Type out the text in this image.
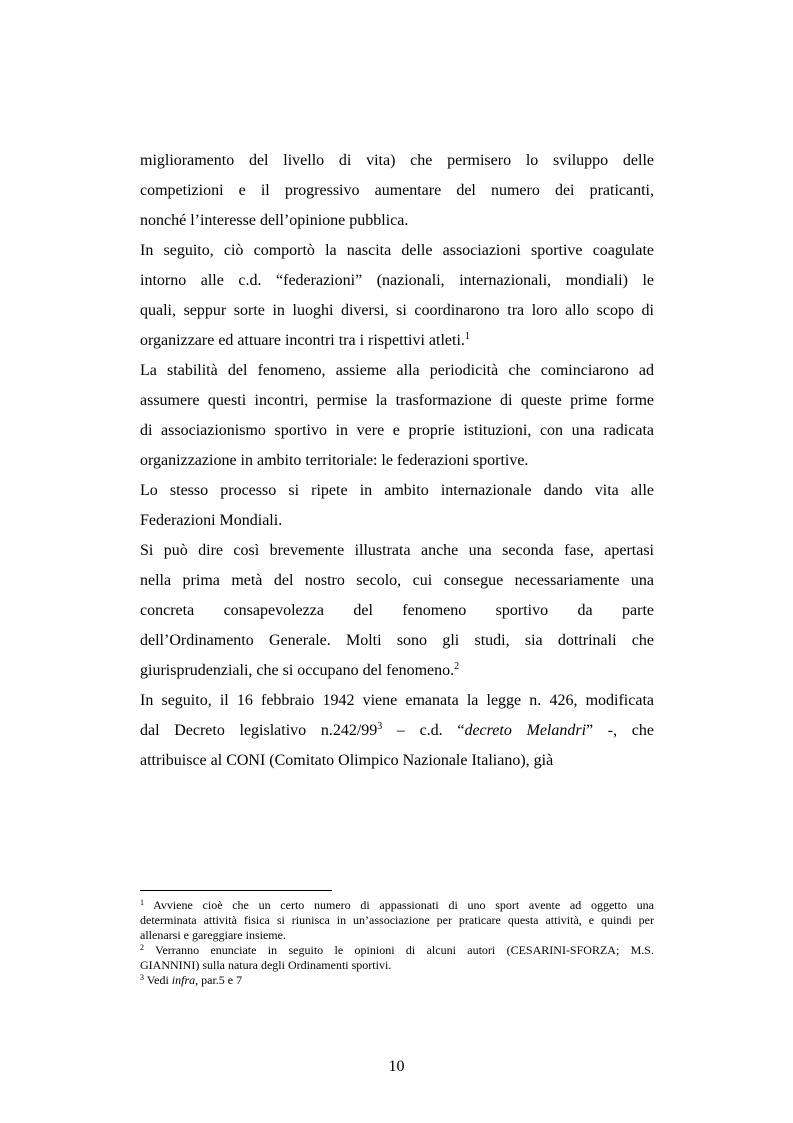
miglioramento del livello di vita) che permisero lo sviluppo delle
competizioni e il progressivo aumentare del numero dei praticanti,
nonché l’interesse dell’opinione pubblica.
In seguito, ciò comportò la nascita delle associazioni sportive coagulate
intorno alle c.d. “federazioni” (nazionali, internazionali, mondiali) le
quali, seppur sorte in luoghi diversi, si coordinarono tra loro allo scopo di
organizzare ed attuare incontri tra i rispettivi atleti.$^1$
La stabilità del fenomeno, assieme alla periodicità che cominciarono ad
assumere questi incontri, permise la trasformazione di queste prime forme
di associazionismo sportivo in vere e proprie istituzioni, con una radicata
organizzazione in ambito territoriale: le federazioni sportive.
Lo stesso processo si ripete in ambito internazionale dando vita alle
Federazioni Mondiali.
Si può dire così brevemente illustrata anche una seconda fase, apertasi
nella prima metà del nostro secolo, cui consegue necessariamente una
concreta consapevolezza del fenomeno sportivo da parte
dell’Ordinamento Generale. Molti sono gli studi, sia dottrinali che
giurisprudenziali, che si occupano del fenomeno.$^2$
In seguito, il 16 febbraio 1942 viene emanata la legge n. 426, modificata
dal Decreto legislativo $n.242/99^3 - c.d$. “decreto Melandri” -, che
attribuisce al CONI (Comitato Olimpico Nazionale Italiano), già
$^1$ Avviene cioè che un certo numero di appassionati di uno sport avente ad oggetto una
determinata attività fisica si riunisca in un’associazione per praticare questa attività, e quindi per
allenarsi e gareggiare insieme.
$^2$ Verranno enunciate in seguito le opinioni di alcuni autori (CESARINI-SFORZA; M.S.
GIANNINI) sulla natura degli Ordinamenti sportivi.
$^3$ Vedi infra, par.5 e 7
10
